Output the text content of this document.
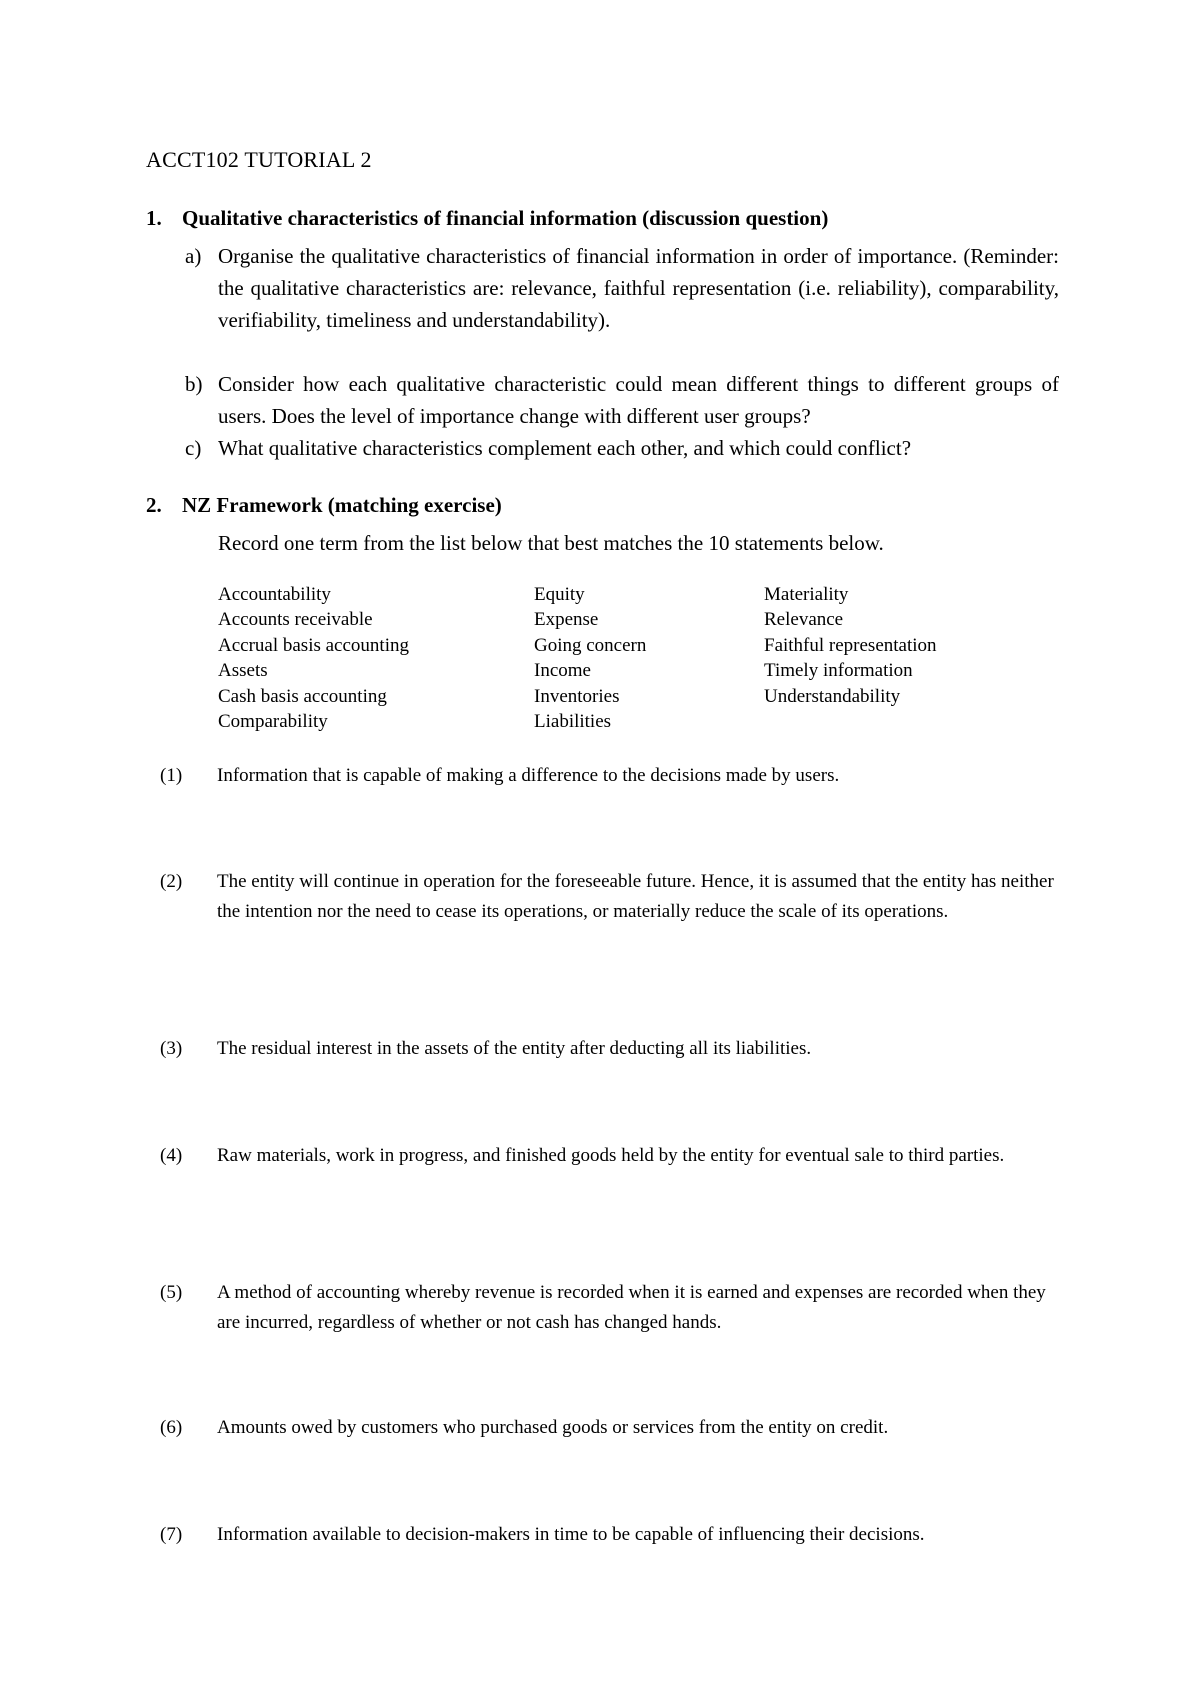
ACCT102 TUTORIAL 2
1. Qualitative characteristics of financial information (discussion question)
a) Organise the qualitative characteristics of financial information in order of importance. (Reminder: the qualitative characteristics are: relevance, faithful representation (i.e. reliability), comparability, verifiability, timeliness and understandability).
b) Consider how each qualitative characteristic could mean different things to different groups of users. Does the level of importance change with different user groups?
c) What qualitative characteristics complement each other, and which could conflict?
2. NZ Framework (matching exercise)
Record one term from the list below that best matches the 10 statements below.
Accountability
Accounts receivable
Accrual basis accounting
Assets
Cash basis accounting
Comparability
Equity
Expense
Going concern
Income
Inventories
Liabilities
Materiality
Relevance
Faithful representation
Timely information
Understandability
(1) Information that is capable of making a difference to the decisions made by users.
(2) The entity will continue in operation for the foreseeable future. Hence, it is assumed that the entity has neither the intention nor the need to cease its operations, or materially reduce the scale of its operations.
(3) The residual interest in the assets of the entity after deducting all its liabilities.
(4) Raw materials, work in progress, and finished goods held by the entity for eventual sale to third parties.
(5) A method of accounting whereby revenue is recorded when it is earned and expenses are recorded when they are incurred, regardless of whether or not cash has changed hands.
(6) Amounts owed by customers who purchased goods or services from the entity on credit.
(7) Information available to decision-makers in time to be capable of influencing their decisions.
